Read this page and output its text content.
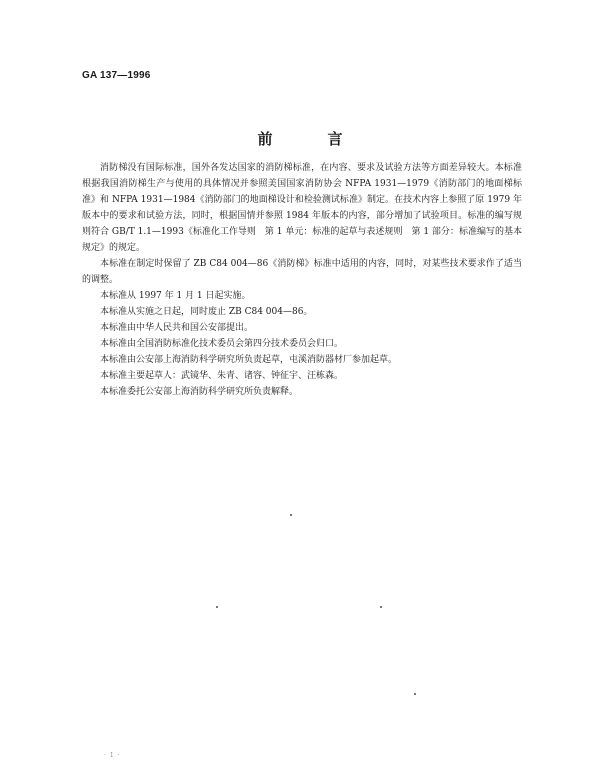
GA 137—1996
前　言

消防梯没有国际标准，国外各发达国家的消防梯标准，在内容、要求及试验方法等方面差异较大。本标准根据我国消防梯生产与使用的具体情况并参照美国国家消防协会 NFPA 1931—1979《消防部门的地面梯标准》和 NFPA 1931—1984《消防部门的地面梯设计和检验测试标准》制定。在技术内容上参照了原 1979 年版本中的要求和试验方法，同时，根据国情并参照 1984 年版本的内容，部分增加了试验项目。标准的编写规则符合 GB/T 1.1—1993《标准化工作导则　第 1 单元：标准的起草与表述规则　第 1 部分：标准编写的基本规定》的规定。

本标准在制定时保留了 ZB C84 004—86《消防梯》标准中适用的内容，同时，对某些技术要求作了适当的调整。

本标准从 1997 年 1 月 1 日起实施。

本标准从实施之日起，同时废止 ZB C84 004—86。

本标准由中华人民共和国公安部提出。

本标准由全国消防标准化技术委员会第四分技术委员会归口。

本标准由公安部上海消防科学研究所负责起草，屯溪消防器材厂参加起草。

本标准主要起草人：武镜华、朱青、诸容、钟征宇、汪栋森。

本标准委托公安部上海消防科学研究所负责解释。

· 1 ·
